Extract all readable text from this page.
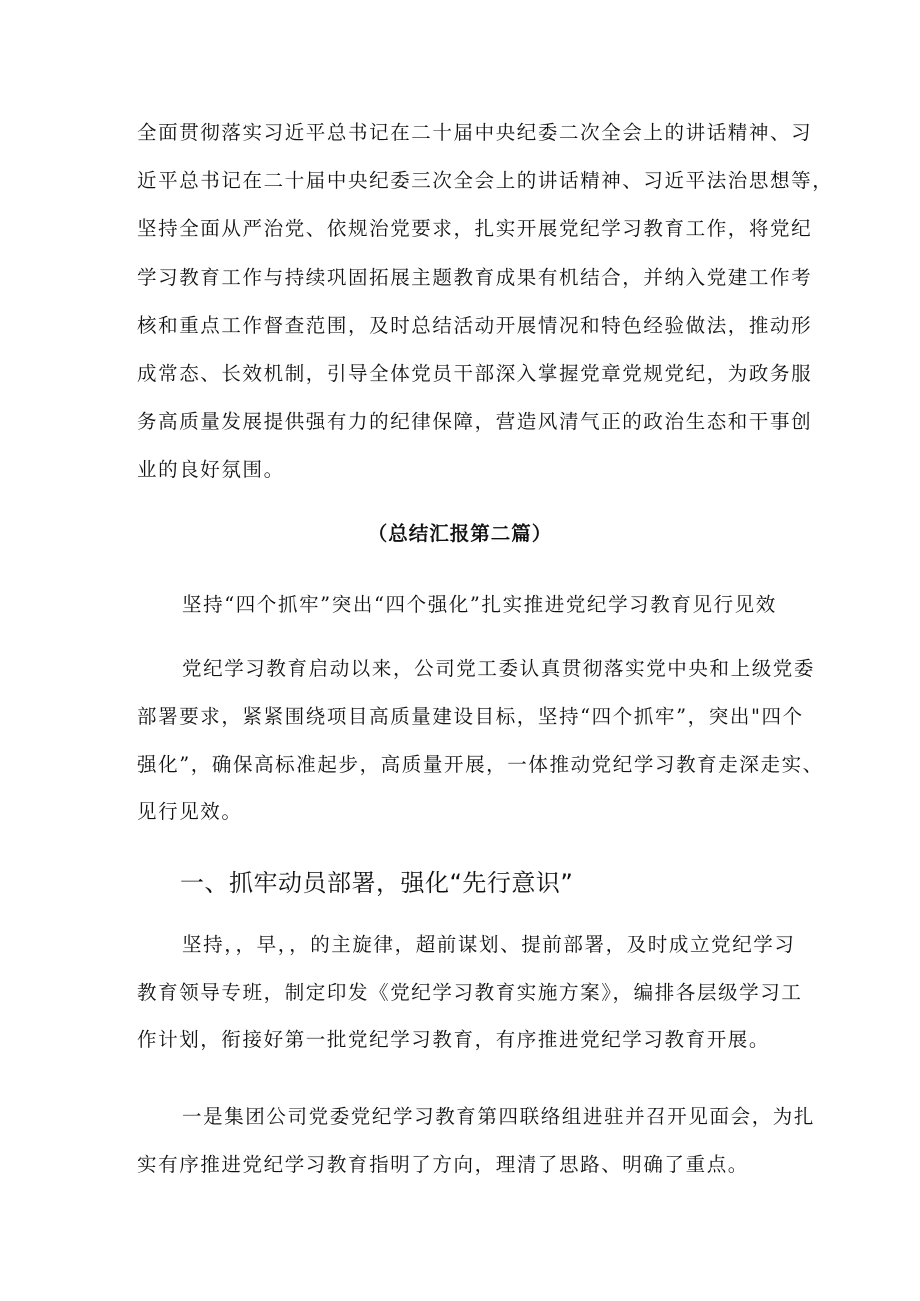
全面贯彻落实习近平总书记在二十届中央纪委二次全会上的讲话精神、习
近平总书记在二十届中央纪委三次全会上的讲话精神、习近平法治思想等，
坚持全面从严治党、依规治党要求，扎实开展党纪学习教育工作，将党纪
学习教育工作与持续巩固拓展主题教育成果有机结合，并纳入党建工作考
核和重点工作督查范围，及时总结活动开展情况和特色经验做法，推动形
成常态、长效机制，引导全体党员干部深入掌握党章党规党纪，为政务服
务高质量发展提供强有力的纪律保障，营造风清气正的政治生态和干事创
业的良好氛围。
（总结汇报第二篇）
坚持“四个抓牢”突出“四个强化”扎实推进党纪学习教育见行见效
党纪学习教育启动以来，公司党工委认真贯彻落实党中央和上级党委
部署要求，紧紧围绕项目高质量建设目标，坚持“四个抓牢”，突出"四个
强化”，确保高标准起步，高质量开展，一体推动党纪学习教育走深走实、
见行见效。
一、抓牢动员部署，强化“先行意识”
坚持，，早，，的主旋律，超前谋划、提前部署，及时成立党纪学习
教育领导专班，制定印发《党纪学习教育实施方案》，编排各层级学习工
作计划，衔接好第一批党纪学习教育，有序推进党纪学习教育开展。
一是集团公司党委党纪学习教育第四联络组进驻并召开见面会，为扎
实有序推进党纪学习教育指明了方向，理清了思路、明确了重点。
